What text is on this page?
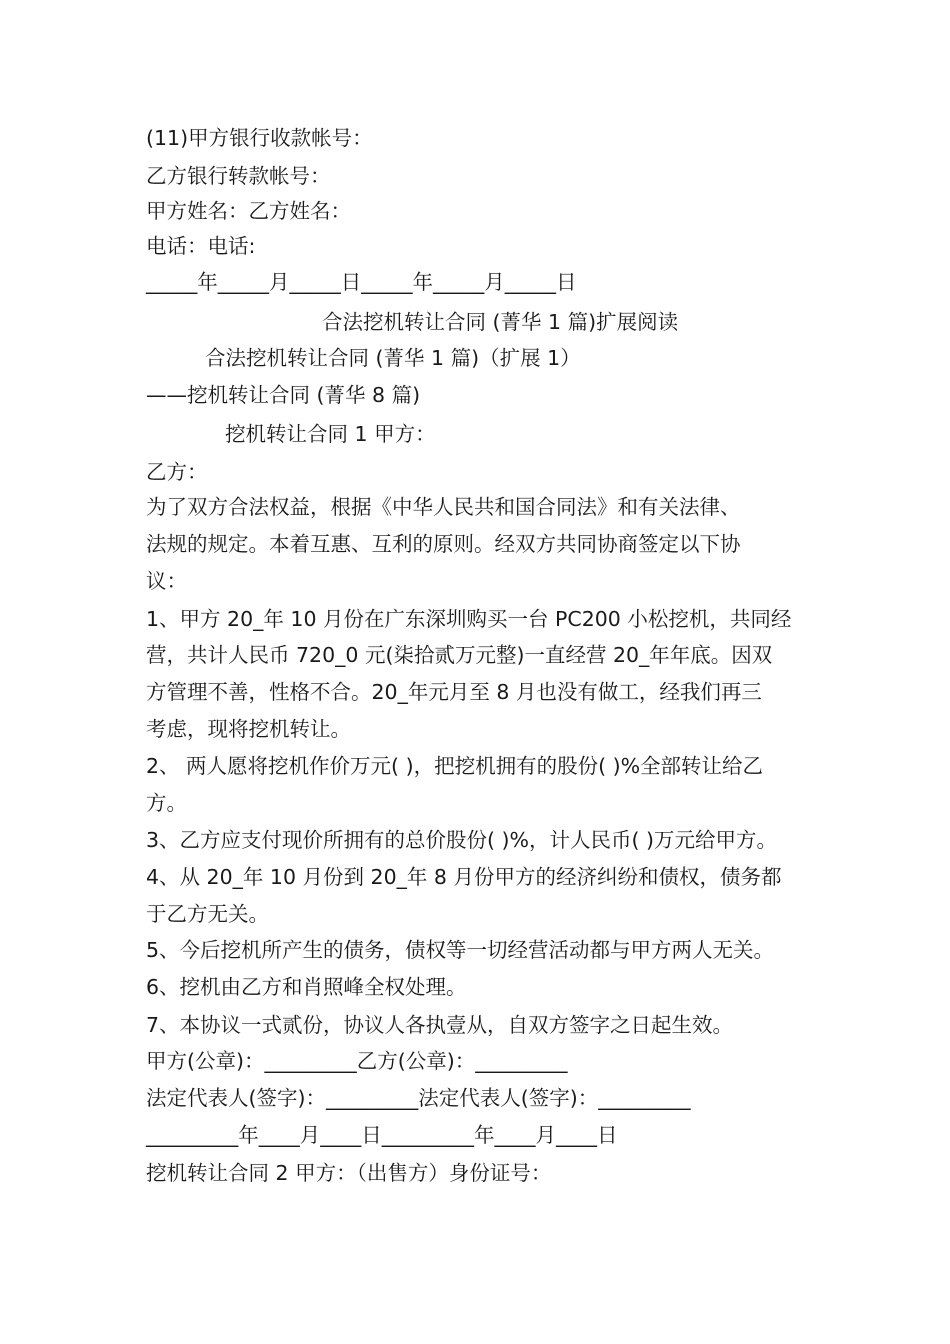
(11)甲方银行收款帐号：
乙方银行转款帐号：
甲方姓名：乙方姓名：
电话：电话:
_____年_____月_____日_____年_____月_____日
合法挖机转让合同 (菁华 1 篇)扩展阅读
合法挖机转让合同 (菁华 1 篇)（扩展 1）
——挖机转让合同 (菁华 8 篇)
挖机转让合同 1 甲方：
乙方：
为了双方合法权益，根据《中华人民共和国合同法》和有关法律、
法规的规定。本着互惠、互利的原则。经双方共同协商签定以下协
议：
1、甲方 20_年 10 月份在广东深圳购买一台 PC200 小松挖机，共同经
营，共计人民币 720_0 元(柒拾贰万元整)一直经营 20_年年底。因双
方管理不善，性格不合。20_年元月至 8 月也没有做工，经我们再三
考虑，现将挖机转让。
2、 两人愿将挖机作价万元( )，把挖机拥有的股份( )%全部转让给乙
方。
3、乙方应支付现价所拥有的总价股份( )%，计人民币( )万元给甲方。
4、从 20_年 10 月份到 20_年 8 月份甲方的经济纠纷和债权，债务都
于乙方无关。
5、今后挖机所产生的债务，债权等一切经营活动都与甲方两人无关。
6、挖机由乙方和肖照峰全权处理。
7、本协议一式贰份，协议人各执壹从，自双方签字之日起生效。
甲方(公章)：_________乙方(公章)：_________
法定代表人(签字)：_________法定代表人(签字)：_________
_________年____月____日_________年____月____日
挖机转让合同 2 甲方：（出售方）身份证号：
